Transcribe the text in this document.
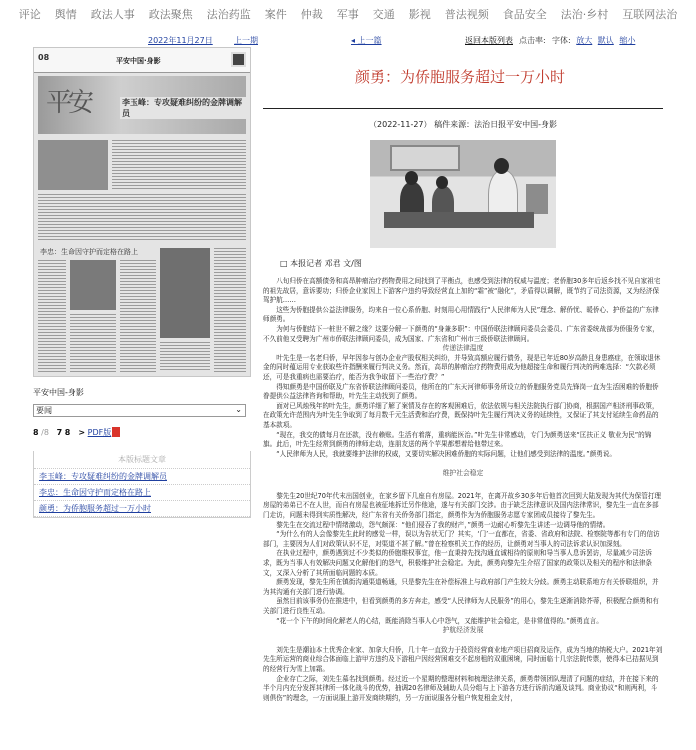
评论 舆情 政法人事 政法聚焦 法治药监 案件 仲裁 军事 交通 影视 普法视频 食品安全 法治·乡村 互联网法治
2022年11月27日	上一期	◂ 上一篇	返回本版列表 点击率: 字体: 放大 默认 缩小
08	平安中国·身影
平安	李玉峰：专攻疑难纠纷的金牌调解员
李忠：生命因守护而定格在路上
平安中国-身影
要闻	⌄
8 /8 7 8   > PDF版
本版标题文章
李玉峰：专攻疑难纠纷的金牌调解员
李忠：生命因守护而定格在路上
颜勇：为侨胞服务超过一万小时
颜勇：为侨胞服务超过一万小时
（2022-11-27） 稿件来源：法治日报平安中国-身影
□ 本报记者 邓君 文/图

八旬归侨在高额债务和高昂肿瘤治疗药物费用之间找到了平衡点，也感受到法律的权威与温度；老侨胞30多年后返乡找不见自家祖宅的祖先故居，意诉要功；归侨企业家因上下游客户违约导致经营直上加的“霜”被“融化”，矛盾得以调解，既节约了司法资源，又为经济保驾护航……

这些为侨胞提供公益法律服务，均来自一位心系侨胞、时刻用心用情践行“人民律师为人民”理念、解侨忧、暖侨心、护侨益的广东律师颜勇。

为何与侨胞结下一桩世不解之缘？这要分解一下颜勇的“身兼多职”：中国侨联法律顾问委员会委员、广东省委统战部为侨服务专家，不久前他又受聘为广州市侨联法律顾问委员，成为国家、广东省和广州市三级侨联法律顾问。

传递法律温度

叶先生是一名老归侨，早年因参与创办企业产股权相关纠纷，并导致高额应履行债务，现是已年近80岁高龄且身患癌症，在领取退休金的同时蕴运用专业获取些许指酬来履行判决义务。然而，高昂的肿瘤治疗药物费用成为他超接生命和履行判决的两难选择：“欠款必须还，可是我重病也需要治疗，能否为我争取留下一些治疗费？”

得知颜勇是中国侨联及广东省侨联法律顾问委员，他所在的广东天河律师事务所设立的侨胞服务党员先锋岗一直为生活困难的侨胞侨眷提供公益法律咨询和帮助，叶先生主动找到了颜勇。

面对已风烛残年的叶先生，颜勇详细了解了案情及存在的客观困难后，依法依规与相关法院执行部门协商，根据国产相济刑事政策，在政策允许范围内为叶先生争取到了每月数千元生活费和治疗费，既保持叶先生履行判决义务的延续性，又保证了其支付延续生命药品的基本款项。

“现在，我交的债每月在还款，没有赖账。生活有着落，重病能医治。”叶先生非常感动，专门为颜勇送来“匡扶正义 敬业为民”的锦旗。此后，叶先生经常到颜勇的律师走动，连朋友送的两个苹果都想着给他带过来。

“人民律师为人民，我就要维护法律的权威，又要切实解决困难侨胞的实际问题，让他们感受到法律的温度。”颜勇说。

维护社会稳定

黎先生20世纪70年代末出国创业，在家乡留下几座自有房屋。2021年，在离开故乡30多年后他首次回到大陆发现为其代为保管打理房屋的弟弟已不在人世，而自有房屋也被征地拆迁另作他途，遂与有关部门交涉。由于缺乏法律意识及国内法律常识，黎先生一直在多部门走访，问题未得到实质性解决，经广东省有关侨务部门指定，颜勇作为为侨胞服务志愿专家团成员接待了黎先生。

黎先生在交流过程中情绪激动，怨气颇深：“他们侵吞了我的财产，”颜勇一边耐心听黎先生讲述一边调导他的情绪。

“为什么有的人会像黎先生此时的感觉一样，误以为告状无门？其实，‘门’一直都在，省委、省政府和法院、检察院等都有专门的信访部门，主要因为人们对政策认识不足，对渠道不甚了解。”曾在检察机关工作的经历，让颜勇对当事人的司法诉求认识加深刻。

在执业过程中，颜勇遇到过不少类似的侨胞维权事宜，他一直秉持先找沟通直诚相待的原则和导当事人息诉罢访，尽量减少司法诉求，既为当事人有效解决问题又化解他们的怨气，积极维护社会稳定。为此，颜勇向黎先生介绍了国家的政策以及相关的程序和法律条文，又深入分析了其所面临问题的本质。

颜勇发现，黎先生所在镇街沟通渠道畅通，只是黎先生在补偿标准上与政府部门产生较大分歧。颜勇主动联系地方有关侨联组织，并为其沟通有关部门进行协调。

虽然目前该事务仍在推进中，但看到颜勇的多方奔走，感受“人民律师为人民服务”的用心，黎先生逐渐消除芥蒂，积极配合颜勇和有关部门进行良性互动。

“花一个下午的时间化解老人的心结，既能消除当事人心中怨气，又能维护社会稳定，是非常值得的。”颜勇直言。

护航经济发展

刘先生是潮汕本土优秀企业家、加拿大归侨，几十年一直致力于投资经营商业地产项目招商及运作，成为当地的纳税大户。2021年刘先生所运营的商业综合体面临上游甲方违约及下游租户因经营困难交不起房租的双重困境，同时面临十几宗法院传票，使得本已拮据见到的经营行为雪上加霜。

企业存亡之际，刘先生慕名找到颜勇。经过近一个星期的整理材料和梳理法律关系，颜勇带领团队理清了问题的症结，并在接下来的半个月内充分发挥其律所一体化战斗的优势，抽调20名律师及辅助人员分组与上下游各方进行诉前沟通及谈判。商业协议“和则两利，斗则俱伤”的理念，一方面说服上游开发商续期约，另一方面说服各分租户恢复租金支付，
